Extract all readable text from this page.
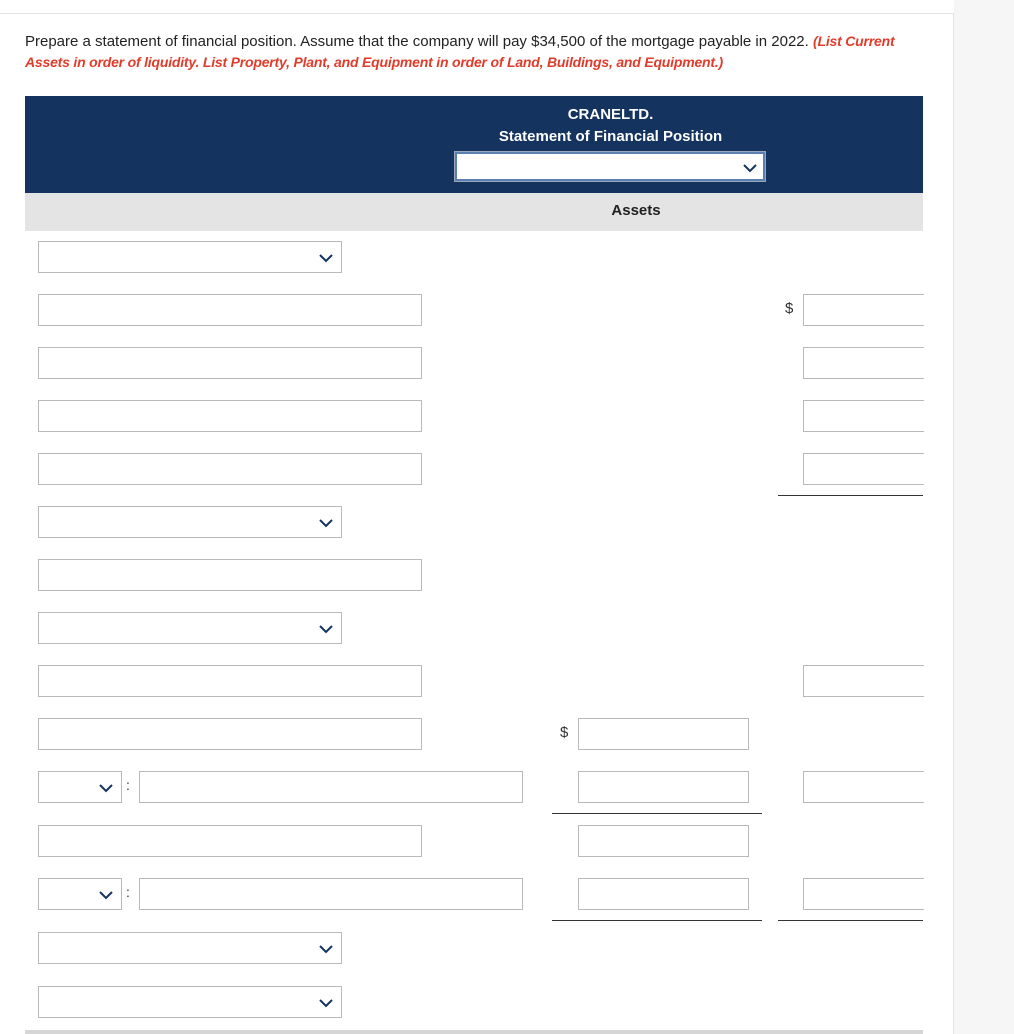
Prepare a statement of financial position. Assume that the company will pay $34,500 of the mortgage payable in 2022. (List Current Assets in order of liquidity. List Property, Plant, and Equipment in order of Land, Buildings, and Equipment.)
CRANELTD.
Statement of Financial Position
Assets
$
$
:
:
